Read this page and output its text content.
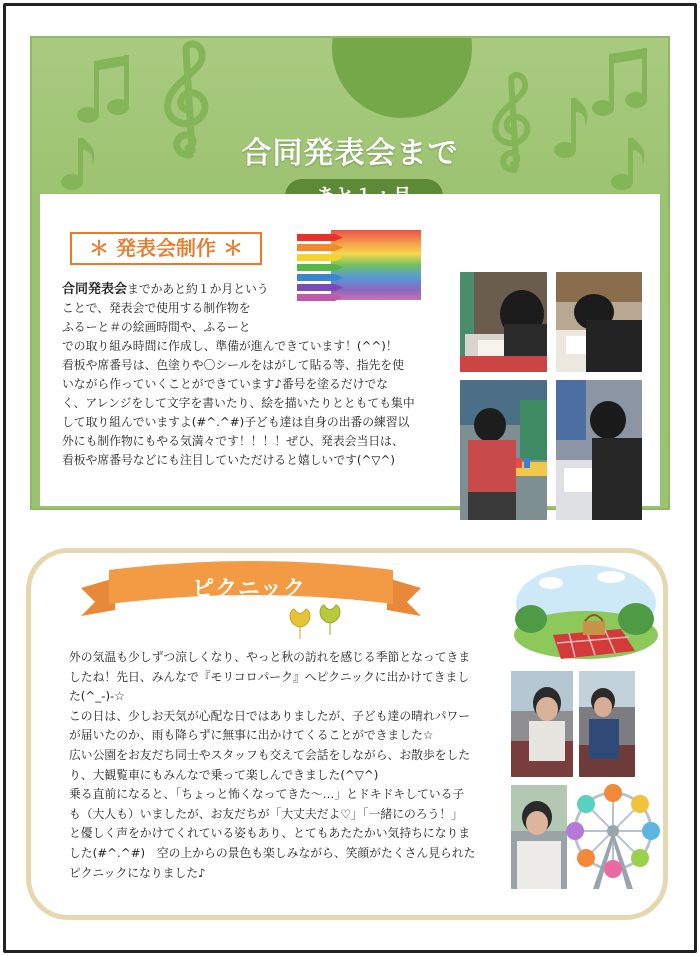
合同発表会まで
＊ 発表会制作 ＊
合同発表会までかあと約１か月という
ことで、発表会で使用する制作物を
ふるーと＃の絵画時間や、ふるーと
での取り組み時間に作成し、準備が進んできています！(^^)！
看板や席番号は、色塗りや〇シールをはがして貼る等、指先を使
いながら作っていくことができています♪番号を塗るだけでな
く、アレンジをして文字を書いたり、絵を描いたりとともても集中
して取り組んでいますよ(#^.^#)子ども達は自身の出番の練習以
外にも制作物にもやる気満々です！！！！ぜひ、発表会当日は、
看板や席番号などにも注目していただけると嬉しいです(^▽^)
ピクニック
外の気温も少しずつ涼しくなり、やっと秋の訪れを感じる季節となってきま
したね！先日、みんなで『モリコロパーク』へピクニックに出かけてきまし
た(^_-)-☆
この日は、少しお天気が心配な日ではありましたが、子ども達の晴れパワー
が届いたのか、雨も降らずに無事に出かけてくることができました☆
広い公園をお友だち同士やスタッフも交えて会話をしながら、お散歩をした
り、大観覧車にもみんなで乗って楽しんできました(^▽^)
乗る直前になると、「ちょっと怖くなってきた～…」とドキドキしている子
も（大人も）いましたが、お友だちが「大丈夫だよ♡」「一緒にのろう！」
と優しく声をかけてくれている姿もあり、とてもあたたかい気持ちになりま
した(#^.^#)　空の上からの景色も楽しみながら、笑顔がたくさん見られた
ピクニックになりました♪
